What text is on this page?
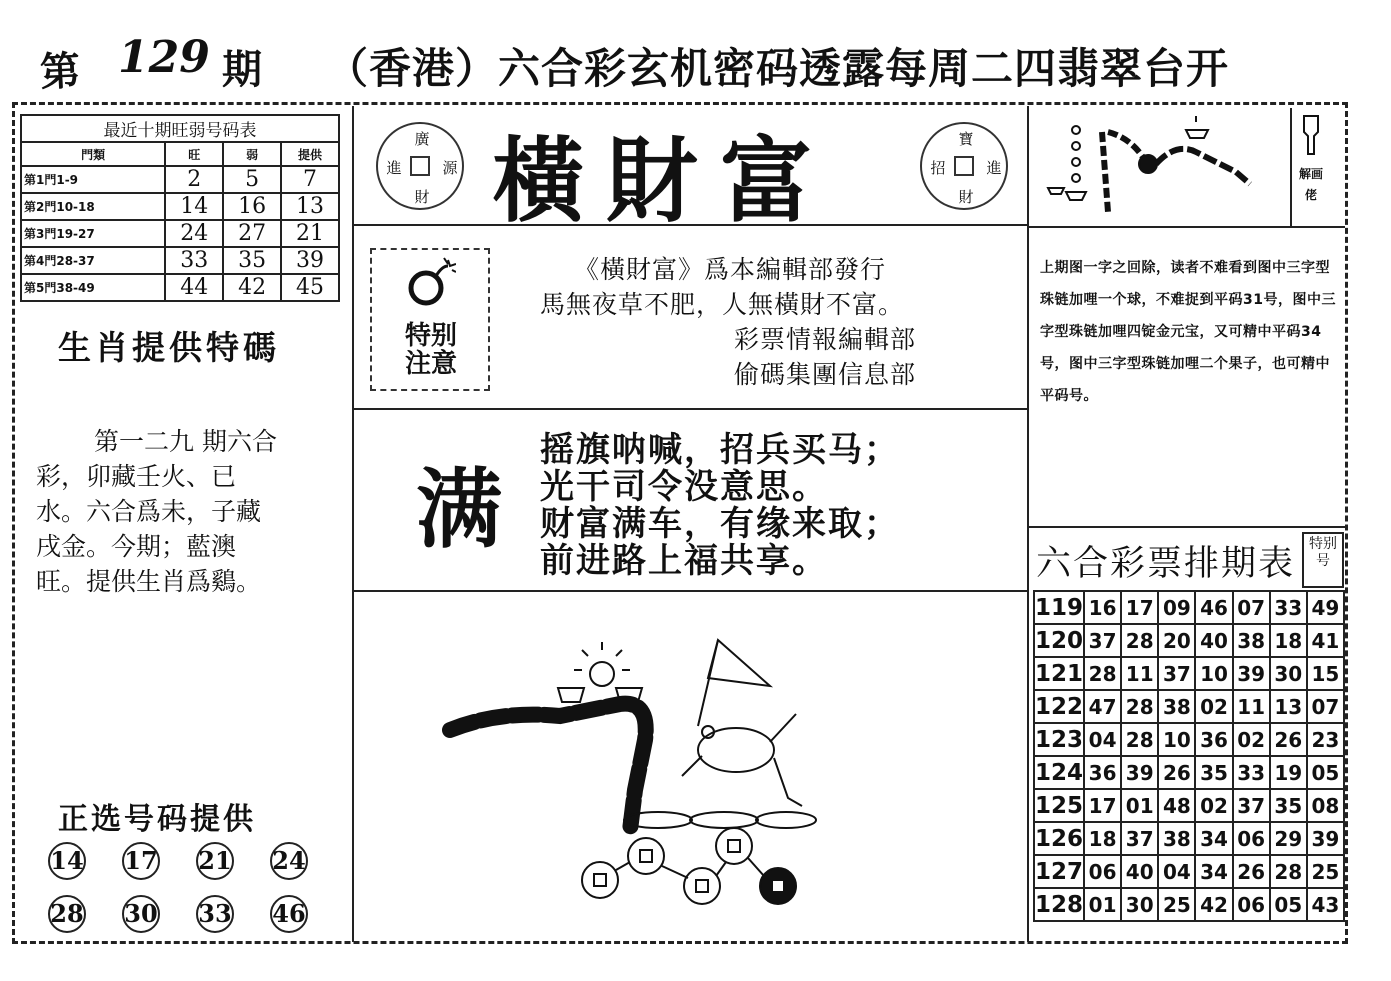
第 129 期 （香港）六合彩玄机密码透露每周二四翡翠台开
最近十期旺弱号码表			
門類	旺	弱	提供
第1門1-9	2	5	7
第2門10-18	14	16	13
第3門19-27	24	27	21
第4門28-37	33	35	39
第5門38-49	44	42	45
生肖提供特碼
第一二九 期六合
彩，卯藏壬火、已
水。六合爲未，子藏
戌金。今期；藍澳
旺。提供生肖爲鷄。
正选号码提供
14 17 21 24
28 30 33 46
廣
進	源
財 橫財富	寶
招	進
財
特别
注意
《橫財富》爲本編輯部發行
馬無夜草不肥，人無橫財不富。
彩票情報編輯部
偷碼集團信息部
满
摇旗呐喊，招兵买马；
光干司令没意思。
财富满车，有缘来取；
前进路上福共享。
解画佬
上期图一字之回除，读者不难看到图中三字型珠链加哩一个球，不难捉到平码31号，图中三字型珠链加哩四锭金元宝，又可精中平码34号，图中三字型珠链加哩二个果子，也可精中平码号。
六合彩票排期表 特别号
119	16	17	09	46	07	33	49
120	37	28	20	40	38	18	41
121	28	11	37	10	39	30	15
122	47	28	38	02	11	13	07
123	04	28	10	36	02	26	23
124	36	39	26	35	33	19	05
125	17	01	48	02	37	35	08
126	18	37	38	34	06	29	39
127	06	40	04	34	26	28	25
128	01	30	25	42	06	05	43
